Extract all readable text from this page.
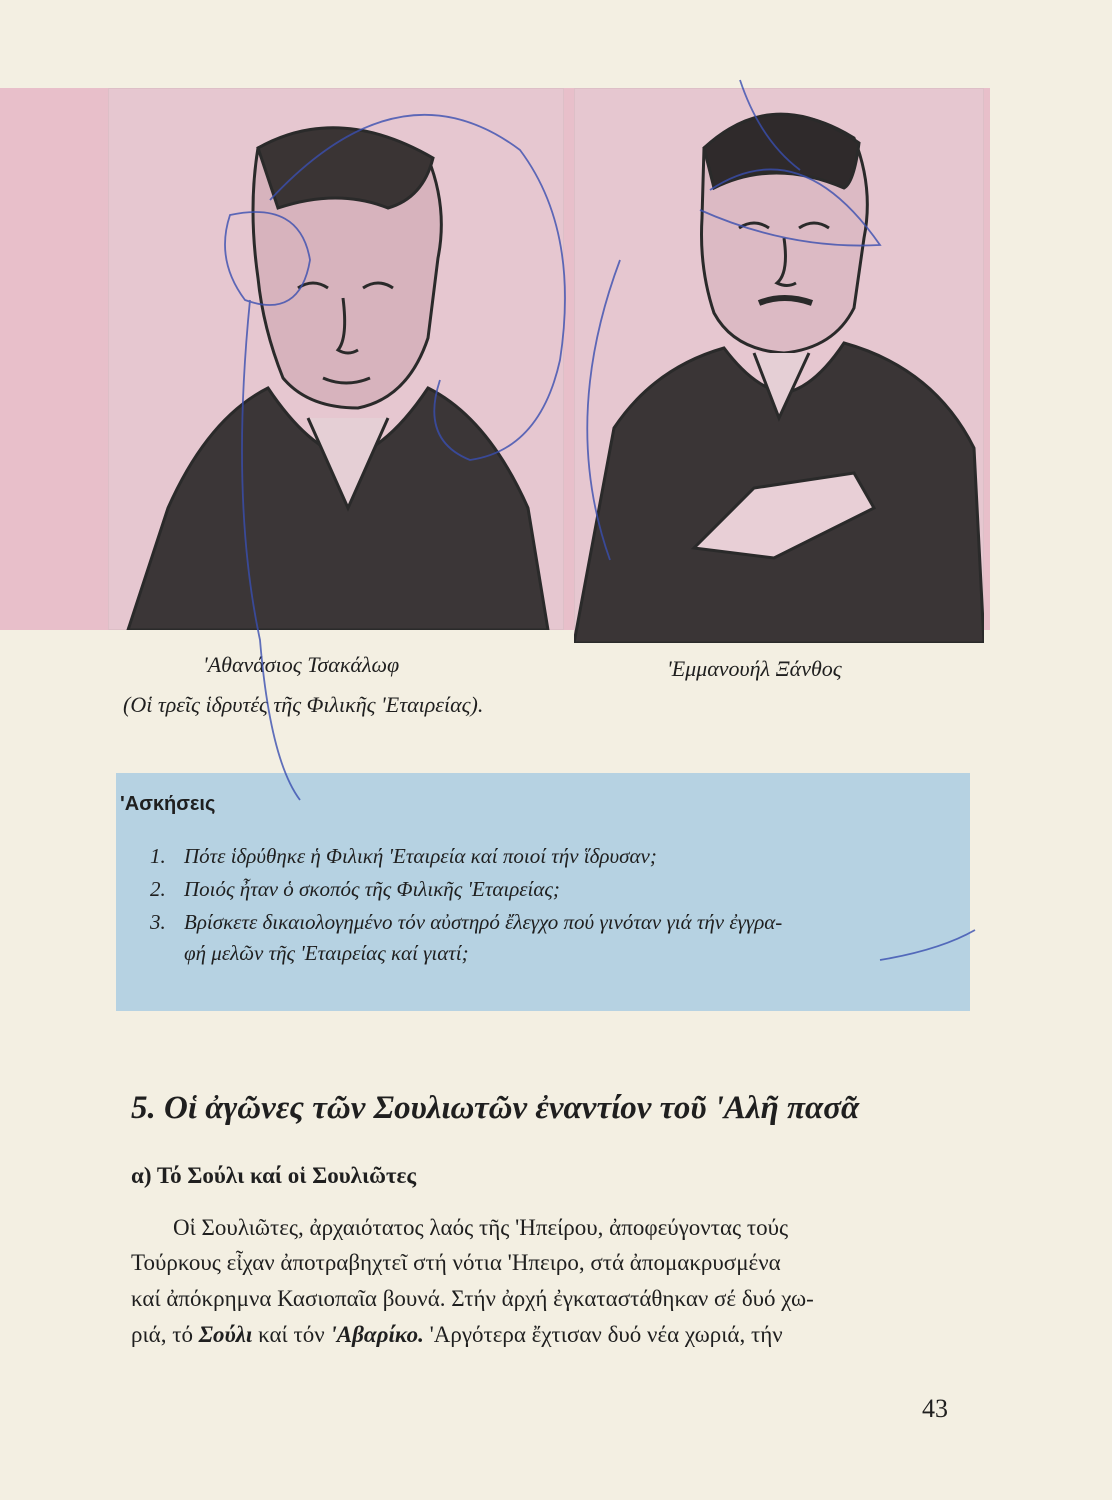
'Αθανάσιος Τσακάλωφ	'Εμμανουήλ Ξάνθος
(Οἱ τρεῖς ἱδρυτές τῆς Φιλικῆς 'Εταιρείας).
'Ασκήσεις
1. Πότε ἱδρύθηκε ἡ Φιλική 'Εταιρεία καί ποιοί τήν ἵδρυσαν;
2. Ποιός ἦταν ὁ σκοπός τῆς Φιλικῆς 'Εταιρείας;
3. Βρίσκετε δικαιολογημένο τόν αὐστηρό ἔλεγχο πού γινόταν γιά τήν ἐγγρα-
φή μελῶν τῆς 'Εταιρείας καί γιατί;
5. Οἱ ἀγῶνες τῶν Σουλιωτῶν ἐναντίον τοῦ 'Αλῆ πασᾶ
α) Τό Σούλι καί οἱ Σουλιῶτες
Οἱ Σουλιῶτες, ἀρχαιότατος λαός τῆς 'Ηπείρου, ἀποφεύγοντας τούς
Τούρκους εἶχαν ἀποτραβηχτεῖ στή νότια 'Ηπειρο, στά ἀπομακρυσμένα
καί ἀπόκρημνα Κασιοπαῖα βουνά. Στήν ἀρχή ἐγκαταστάθηκαν σέ δυό χω-
ριά, τό Σούλι καί τόν 'Αβαρίκο. 'Αργότερα ἔχτισαν δυό νέα χωριά, τήν
43
